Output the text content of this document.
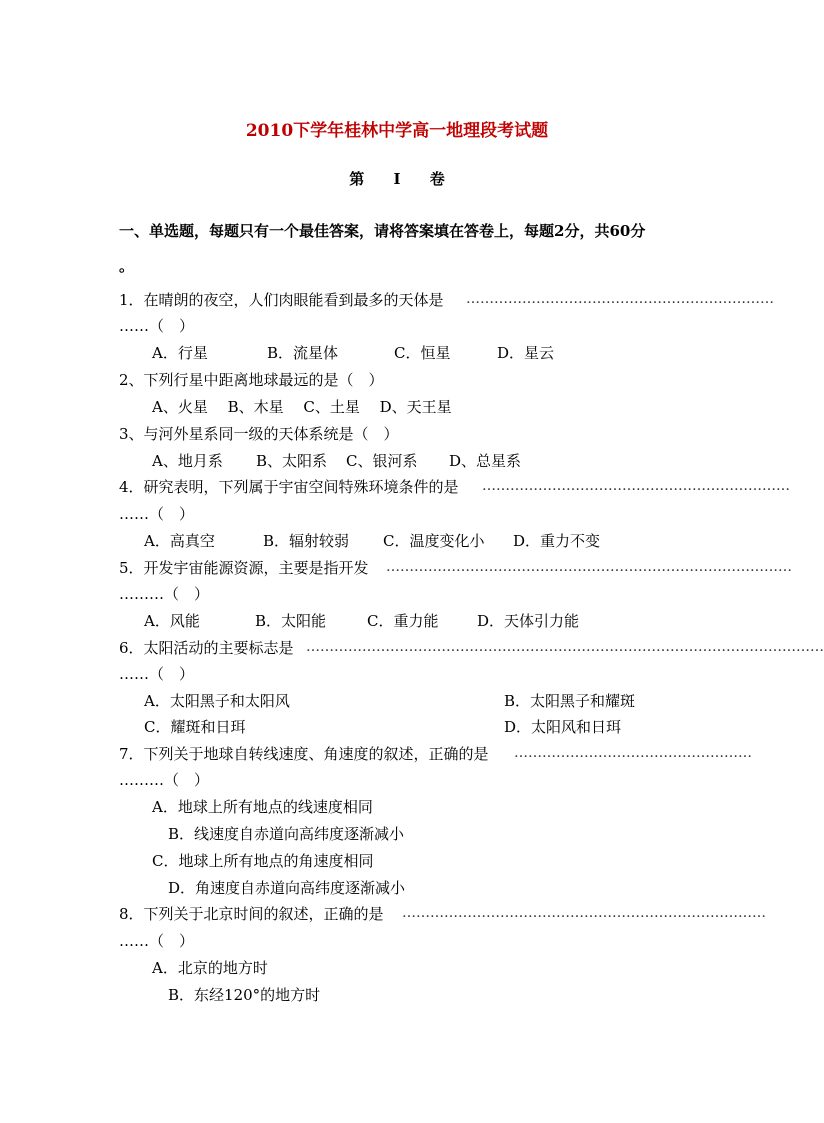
2010下学年桂林中学高一地理段考试题
第 I 卷
一、单选题，每题只有一个最佳答案，请将答案填在答卷上，每题2分，共60分
。
1．在晴朗的夜空，人们肉眼能看到最多的天体是 …………………………………………………………
……（　）
A．行星	B．流星体	C．恒星	D．星云
2、下列行星中距离地球最远的是（　）
A、火星　 B、木星　 C、土星　 D、天王星
3、与河外星系同一级的天体系统是（　）
A、地月系 B、太阳系 C、银河系 D、总星系
4．研究表明，下列属于宇宙空间特殊环境条件的是 …………………………………………………………
……（　）
A．高真空	B．辐射较弱 C．温度变化小 D．重力不变
5．开发宇宙能源资源，主要是指开发 ……………………………………………………………………………
………（　）
A．风能	B．太阳能	C．重力能	D．天体引力能
6．太阳活动的主要标志是 …………………………………………………………………………………………………
……（　）
A．太阳黑子和太阳风	B．太阳黑子和耀斑
C．耀斑和日珥	D．太阳风和日珥
7．下列关于地球自转线速度、角速度的叙述，正确的是 ……………………………………………
………（　）
A．地球上所有地点的线速度相同
B．线速度自赤道向高纬度逐渐减小
C．地球上所有地点的角速度相同
D．角速度自赤道向高纬度逐渐减小
8．下列关于北京时间的叙述，正确的是 ……………………………………………………………………
……（　）
A．北京的地方时
B．东经120°的地方时
